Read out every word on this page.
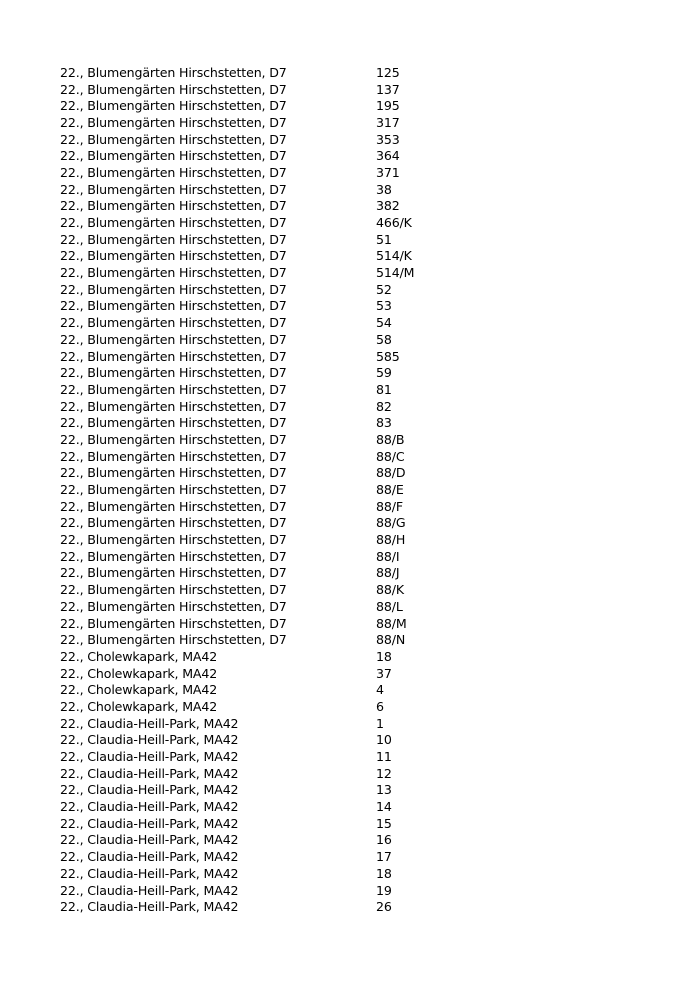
22., Blumengärten Hirschstetten, D7	125
22., Blumengärten Hirschstetten, D7	137
22., Blumengärten Hirschstetten, D7	195
22., Blumengärten Hirschstetten, D7	317
22., Blumengärten Hirschstetten, D7	353
22., Blumengärten Hirschstetten, D7	364
22., Blumengärten Hirschstetten, D7	371
22., Blumengärten Hirschstetten, D7	38
22., Blumengärten Hirschstetten, D7	382
22., Blumengärten Hirschstetten, D7	466/K
22., Blumengärten Hirschstetten, D7	51
22., Blumengärten Hirschstetten, D7	514/K
22., Blumengärten Hirschstetten, D7	514/M
22., Blumengärten Hirschstetten, D7	52
22., Blumengärten Hirschstetten, D7	53
22., Blumengärten Hirschstetten, D7	54
22., Blumengärten Hirschstetten, D7	58
22., Blumengärten Hirschstetten, D7	585
22., Blumengärten Hirschstetten, D7	59
22., Blumengärten Hirschstetten, D7	81
22., Blumengärten Hirschstetten, D7	82
22., Blumengärten Hirschstetten, D7	83
22., Blumengärten Hirschstetten, D7	88/B
22., Blumengärten Hirschstetten, D7	88/C
22., Blumengärten Hirschstetten, D7	88/D
22., Blumengärten Hirschstetten, D7	88/E
22., Blumengärten Hirschstetten, D7	88/F
22., Blumengärten Hirschstetten, D7	88/G
22., Blumengärten Hirschstetten, D7	88/H
22., Blumengärten Hirschstetten, D7	88/I
22., Blumengärten Hirschstetten, D7	88/J
22., Blumengärten Hirschstetten, D7	88/K
22., Blumengärten Hirschstetten, D7	88/L
22., Blumengärten Hirschstetten, D7	88/M
22., Blumengärten Hirschstetten, D7	88/N
22., Cholewkapark, MA42	18
22., Cholewkapark, MA42	37
22., Cholewkapark, MA42	4
22., Cholewkapark, MA42	6
22., Claudia-Heill-Park, MA42	1
22., Claudia-Heill-Park, MA42	10
22., Claudia-Heill-Park, MA42	11
22., Claudia-Heill-Park, MA42	12
22., Claudia-Heill-Park, MA42	13
22., Claudia-Heill-Park, MA42	14
22., Claudia-Heill-Park, MA42	15
22., Claudia-Heill-Park, MA42	16
22., Claudia-Heill-Park, MA42	17
22., Claudia-Heill-Park, MA42	18
22., Claudia-Heill-Park, MA42	19
22., Claudia-Heill-Park, MA42	26
